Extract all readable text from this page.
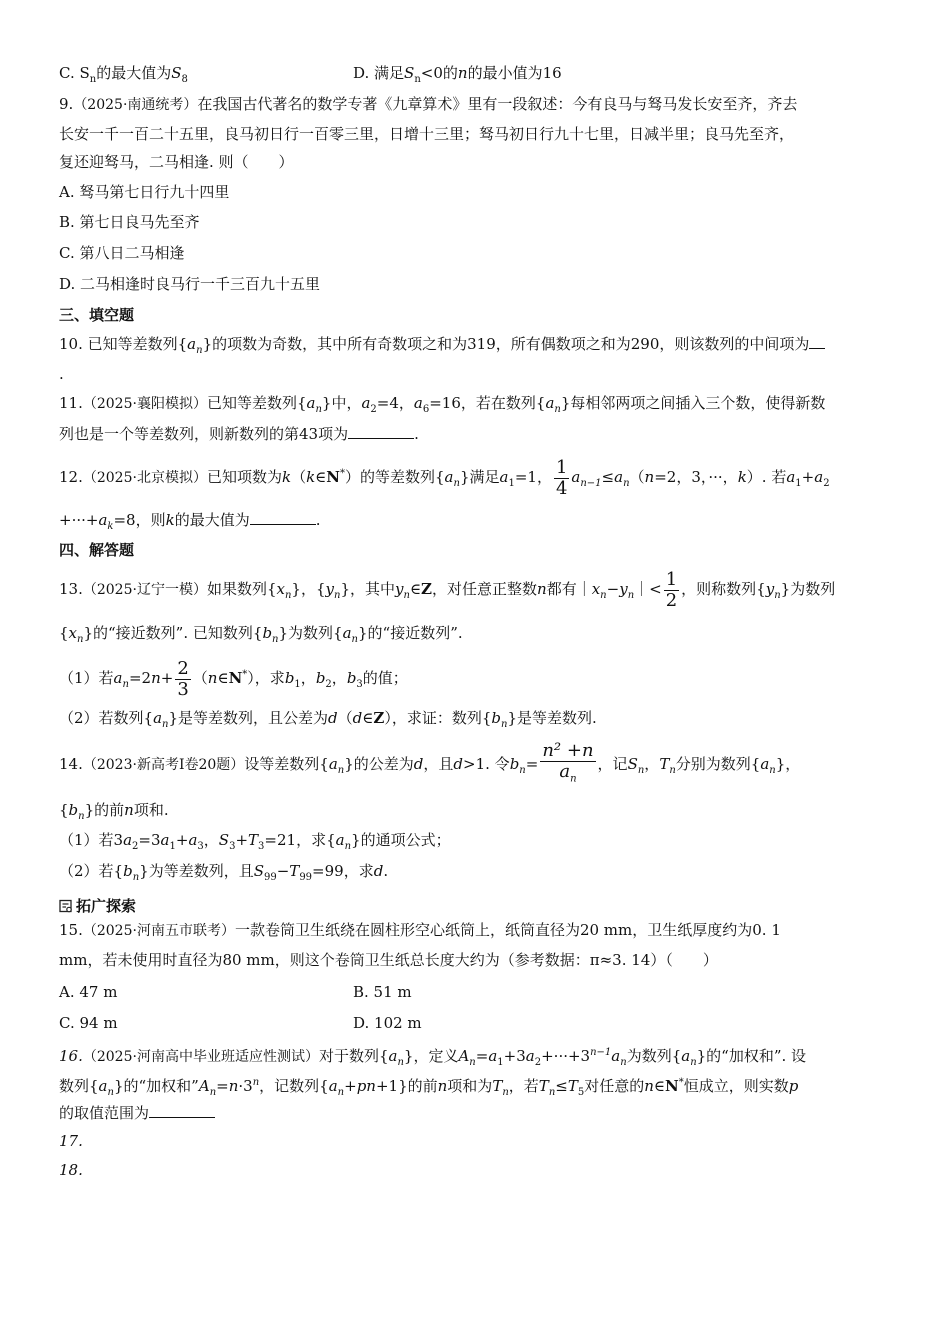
C. $S_n$的最大值为$S_8$	D. 满足$S_n<0$的n的最小值为16
9.（2025·南通统考）在我国古代著名的数学专著《九章算术》里有一段叙述：今有良马与驽马发长安至齐，齐去
长安一千一百二十五里，良马初日行一百零三里，日增十三里；驽马初日行九十七里，日减半里；良马先至齐，
复还迎驽马，二马相逢. 则（　　）
A. 驽马第七日行九十四里
B. 第七日良马先至齐
C. 第八日二马相逢
D. 二马相逢时良马行一千三百九十五里
三、填空题
10. 已知等差数列$\{a_n\}$的项数为奇数，其中所有奇数项之和为319，所有偶数项之和为290，则该数列的中间项为
.
11.（2025·襄阳模拟）已知等差数列$\{a_n\}$中，$a_2=4$，$a_6=16$，若在数列$\{a_n\}$每相邻两项之间插入三个数，使得新数
列也是一个等差数列，则新数列的第43项为	.
12.（2025·北京模拟）已知项数为k（k∈N*）的等差数列$\{a_n\}$满足$a_1=1$， $\frac{1}{4} a_{n-1}\le a_n(n=2$，3，···，k）. 若$a_1+a_2$
$+\cdot\cdot\cdot+a_k=8$，则k的最大值为	.
四、解答题
13.（2025·辽宁一模）如果数列$\{x_n\}$，$\{y_n\}$，其中$y_n\in Z$，对任意正整数n都有$|x_n-y_n|< \frac{1}{2}$ ，则称数列$\{y_n\}$为数列
$\{x_n\}$的“接近数列”. 已知数列$\{b_n\}$为数列$\{a_n\}$的“接近数列”.
（1）若$a_n=2n+ \frac{2}{3}$ （n∈N*），求$b_1$，$b_2$，$b_3$的值；
（2）若数列$\{a_n\}$是等差数列，且公差为d（d∈Z），求证：数列$\{b_n\}$是等差数列.
14.（2023·新高考Ⅰ卷20题）设等差数列$\{a_n\}$的公差为d，且d>1. 令$b_n= \frac{\text{n² +n}}{a_n}$ ，记$S_n$，$T_n$分别为数列$\{a_n\}$，
$\{b_n\}$的前n项和.
（1）若$3a_2=3a_1+a_3$，$S_3+T_3=21$，求$\{a_n\}$的通项公式；
（2）若$\{b_n\}$为等差数列，且$S_{99}-T_{99}=99$，求d.
拓广探索
15.（2025·河南五市联考）一款卷筒卫生纸绕在圆柱形空心纸筒上，纸筒直径为20 mm，卫生纸厚度约为0. 1
mm，若未使用时直径为80 mm，则这个卷筒卫生纸总长度大约为（参考数据：π≈3. 14）（　　）
A. 47 m	B. 51 m
C. 94 m	D. 102 m
16.（2025·河南高中毕业班适应性测试）对于数列$\{a_n\}$，定义$A_n=a_1+3a_2+\cdot\cdot\cdot+3^{n-1}a_n$为数列$\{a_n\}$的“加权和”. 设
数列$\{a_n\}$的“加权和$”A_n=n\cdot 3^n$，记数列$\{a_n+pn+1\}$的前n项和为$T_n$，若$T_n\le T_5$对任意的n∈N*恒成立，则实数p
的取值范围为
17.
18.
